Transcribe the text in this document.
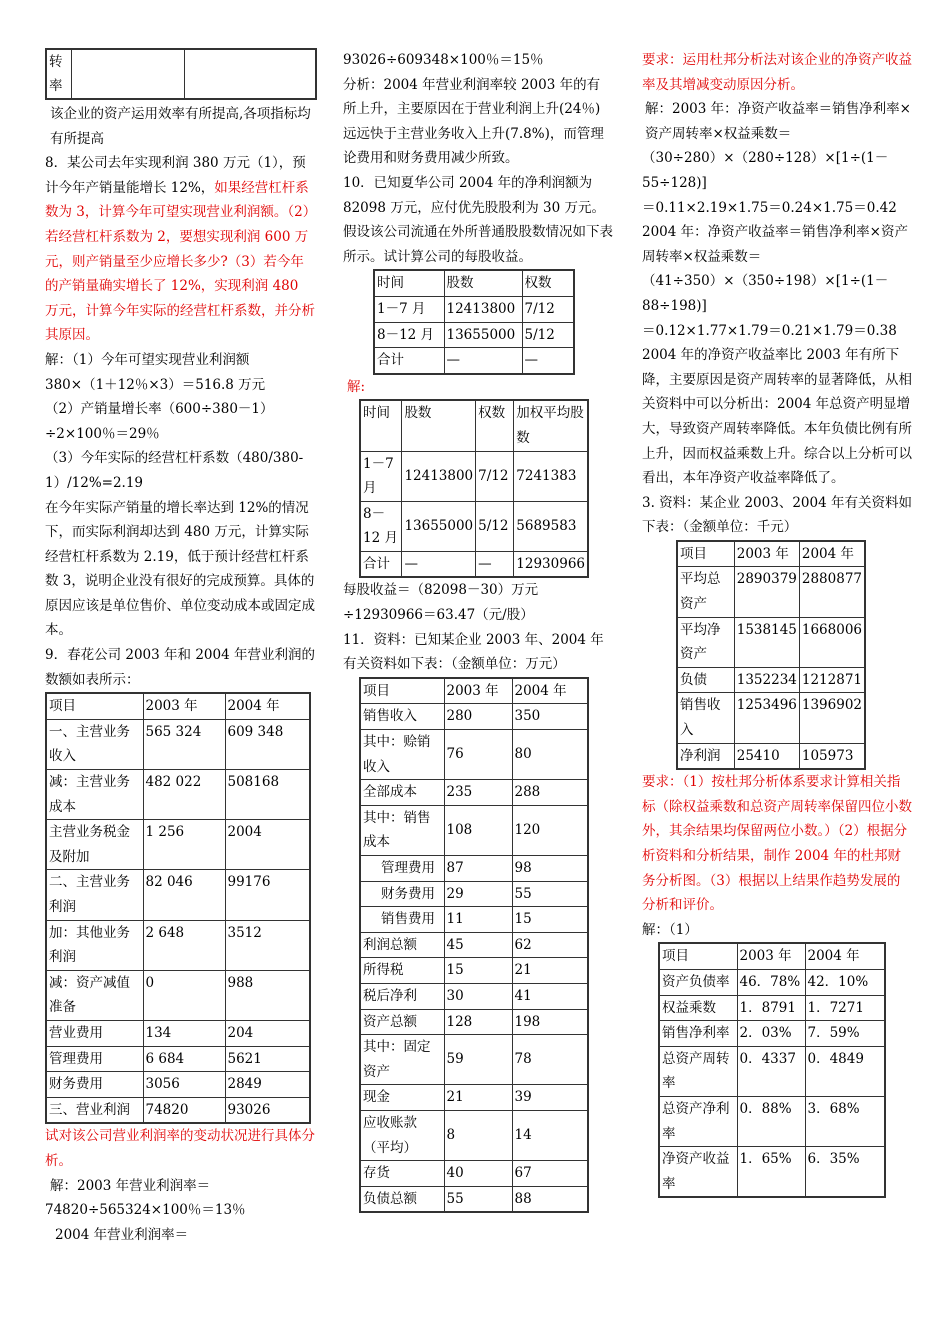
转率		

该企业的资产运用效率有所提高,各项指标均有所提高

8．某公司去年实现利润 380 万元（1），预计今年产销量能增长 12%，如果经营杠杆系数为 3，计算今年可望实现营业利润额。（2）若经营杠杆系数为 2，要想实现利润 600 万元，则产销量至少应增长多少?（3）若今年的产销量确实增长了 12%，实现利润 480 万元，计算今年实际的经营杠杆系数，并分析其原因。

解：（1）今年可望实现营业利润额

380×（1＋12％×3）＝516.8 万元

（2）产销量增长率（600÷380－1）÷2×100％＝29％

（3）今年实际的经营杠杆系数（480/380-1）/12%=2.19

在今年实际产销量的增长率达到 12%的情况下，而实际利润却达到 480 万元，计算实际经营杠杆系数为 2.19，低于预计经营杠杆系数 3，说明企业没有很好的完成预算。具体的原因应该是单位售价、单位变动成本或固定成本。

9．春花公司 2003 年和 2004 年营业利润的数额如表所示：

项目	2003 年	2004 年
一、主营业务收入	565 324	609 348
减：主营业务成本	482 022	508168
主营业务税金及附加	1 256	2004
二、主营业务利润	82 046	99176
加：其他业务利润	2 648	3512
减：资产减值准备	0	988
营业费用	134	204
管理费用	6 684	5621
财务费用	3056	2849
三、营业利润	74820	93026

试对该公司营业利润率的变动状况进行具体分析。

解：2003 年营业利润率＝

74820÷565324×100％＝13％

2004 年营业利润率＝

93026÷609348×100％＝15％

分析：2004 年营业利润率较 2003 年的有所上升，主要原因在于营业利润上升(24％)远远快于主营业务收入上升(7.8%)，而管理论费用和财务费用减少所致。

10．已知夏华公司 2004 年的净利润额为 82098 万元，应付优先股股利为 30 万元。假设该公司流通在外所普通股股数情况如下表所示。试计算公司的每股收益。

时间	股数	权数
1－7 月	12413800	7/12
8－12 月	13655000	5/12
合计	—	—

解:

时间	股数	权数	加权平均股数
1－7 月	12413800	7/12	7241383
8－12 月	13655000	5/12	5689583
合计	—	—	12930966

每股收益＝（82098－30）万元÷12930966＝63.47（元/股）

11．资料：已知某企业 2003 年、2004 年有关资料如下表：（金额单位：万元）

项目	2003 年	2004 年
销售收入	280	350
其中：赊销收入	76	80
全部成本	235	288
其中：销售成本	108	120
管理费用	87	98
财务费用	29	55
销售费用	11	15
利润总额	45	62
所得税	15	21
税后净利	30	41
资产总额	128	198
其中：固定资产	59	78
现金	21	39
应收账款（平均）	8	14
存货	40	67
负债总额	55	88

要求：运用杜邦分析法对该企业的净资产收益率及其增减变动原因分析。

解：2003 年：净资产收益率＝销售净利率×资产周转率×权益乘数＝

（30÷280）×（280÷128）×[1÷(1－55÷128)]

＝0.11×2.19×1.75＝0.24×1.75＝0.42

2004 年：净资产收益率＝销售净利率×资产周转率×权益乘数＝

（41÷350）×（350÷198）×[1÷(1－88÷198)]

＝0.12×1.77×1.79＝0.21×1.79＝0.38

2004 年的净资产收益率比 2003 年有所下降，主要原因是资产周转率的显著降低，从相关资料中可以分析出：2004 年总资产明显增大，导致资产周转率降低。本年负债比例有所上升，因而权益乘数上升。综合以上分析可以看出，本年净资产收益率降低了。

3. 资料：某企业 2003、2004 年有关资料如下表：（金额单位：千元）

项目	2003 年	2004 年
平均总资产	2890379	2880877
平均净资产	1538145	1668006
负债	1352234	1212871
销售收入	1253496	1396902
净利润	25410	105973

要求：（1）按杜邦分析体系要求计算相关指标（除权益乘数和总资产周转率保留四位小数外，其余结果均保留两位小数。）（2）根据分析资料和分析结果，制作 2004 年的杜邦财务分析图。（3）根据以上结果作趋势发展的分析和评价。

解：（1）

项目	2003 年	2004 年
资产负债率	46．78%	42．10%
权益乘数	1．8791	1．7271
销售净利率	2．03%	7．59%
总资产周转率	0．4337	0．4849
总资产净利率	0．88%	3．68%
净资产收益率	1．65%	6．35%
